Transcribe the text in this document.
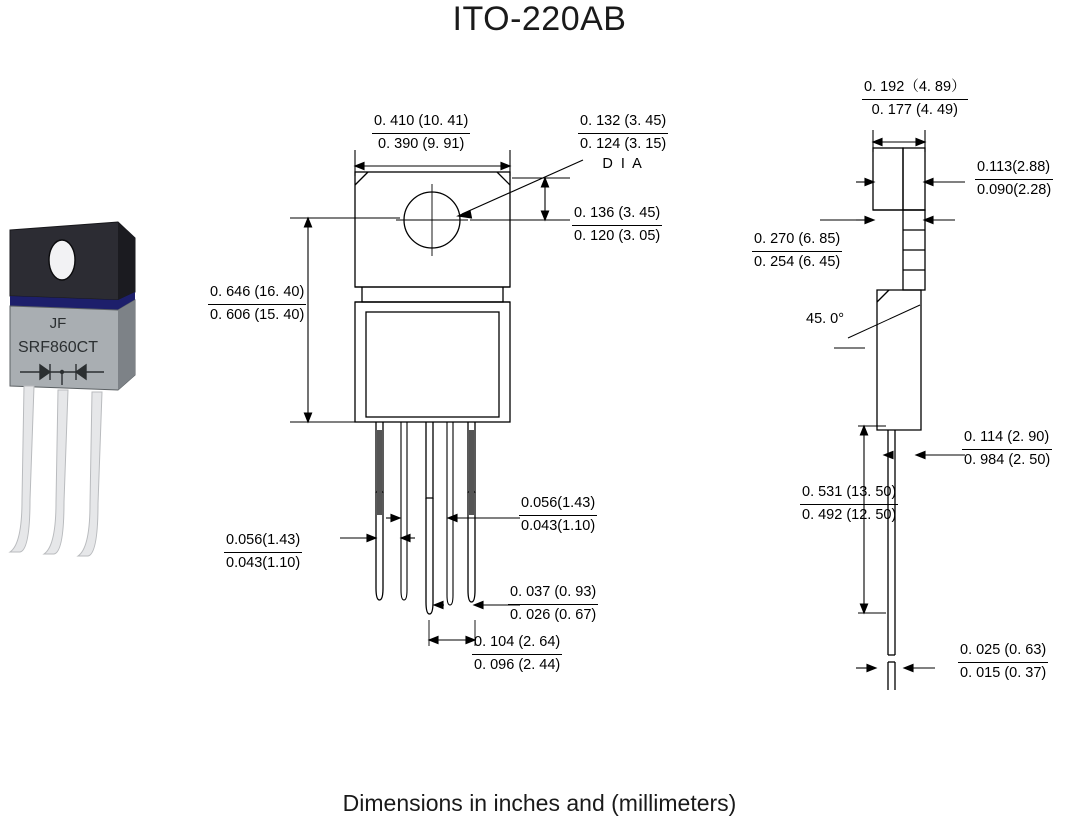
ITO-220AB
JF
SRF860CT
0. 410 (10. 41)
0. 390 (9. 91)
0. 132 (3. 45)
0. 124 (3. 15)
D I A
0. 136 (3. 45)
0. 120 (3. 05)
0. 646 (16. 40)
0. 606 (15. 40)
0.056(1.43)
0.043(1.10)
0.056(1.43)
0.043(1.10)
0. 037 (0. 93)
0. 026 (0. 67)
0. 104 (2. 64)
0. 096 (2. 44)
0. 192（4. 89）
0. 177 (4. 49)
0.113(2.88)
0.090(2.28)
0. 270 (6. 85)
0. 254 (6. 45)
45. 0°
0. 114 (2. 90)
0. 984 (2. 50)
0. 531 (13. 50)
0. 492 (12. 50)
0. 025 (0. 63)
0. 015 (0. 37)
Dimensions in inches and (millimeters)
